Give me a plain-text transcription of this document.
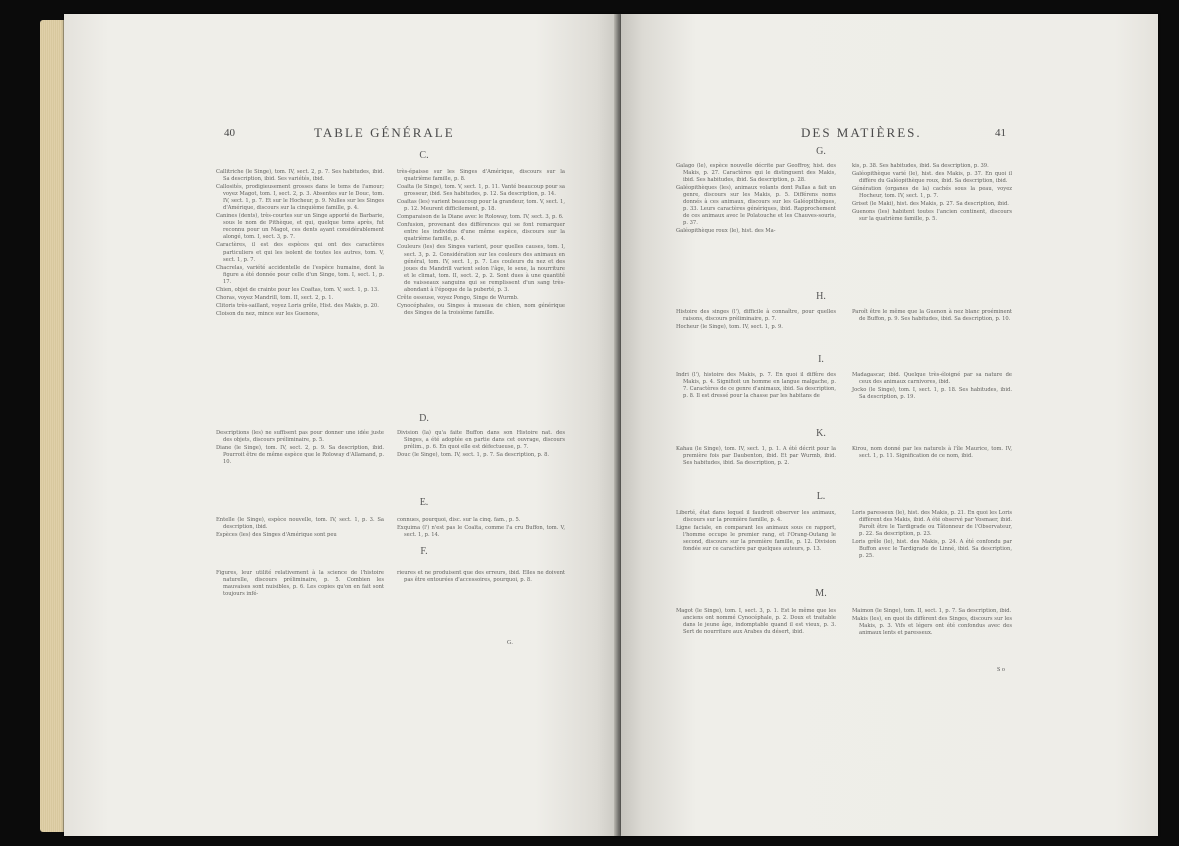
40	TABLE GÉNÉRALE
C.

Callitriche (le Singe), tom. IV, sect. 2, p. 7. Ses habitudes, ibid. Sa description, ibid. Ses variétés, ibid.

Callosités, prodigieusement grosses dans le tems de l'amour; voyez Magot, tom. I, sect. 2, p. 3. Absentes sur le Douc, tom. IV, sect. 1, p. 7. Et sur le Hocheur, p. 9. Nulles sur les Singes d'Amérique, discours sur la cinquième famille, p. 4.

Canines (dents), très-courtes sur un Singe apporté de Barbarie, sous le nom de Pithèque, et qui, quelque tems après, fut reconnu pour un Magot, ces dents ayant considérablement alongé, tom. I, sect. 3, p. 7.

Caractères, il est des espèces qui ont des caractères particuliers et qui les isolent de toutes les autres, tom. V, sect. 1, p. 7.

Chacrelas, variété accidentelle de l'espèce humaine, dont la figure a été donnée pour celle d'un Singe, tom. I, sect. 1, p. 17.

Chien, objet de crainte pour les Coaïtas, tom. V, sect. 1, p. 13.

Choras, voyez Mandrill, tom. II, sect. 2, p. 1.

Clitoris très-saillant, voyez Loris grêle, Hist. des Makis, p. 20.

Cloison du nez, mince sur les Guenons,

très-épaisse sur les Singes d'Amérique, discours sur la quatrième famille, p. 8.

Coaïta (le Singe), tom. V, sect. 1, p. 11. Vanté beaucoup pour sa grosseur, ibid. Ses habitudes, p. 12. Sa description, p. 14.

Coaïtas (les) varient beaucoup pour la grandeur, tom. V, sect. 1, p. 12. Meurent difficilement, p. 18.

Comparaison de la Diane avec le Roloway, tom. IV, sect. 3, p. 6.

Confusion, provenant des différences qui se font remarquer entre les individus d'une même espèce, discours sur la quatrième famille, p. 4.

Couleurs (les) des Singes varient, pour quelles causes, tom. I, sect. 3, p. 2. Considération sur les couleurs des animaux en général, tom. IV, sect. 1, p. 7. Les couleurs du nez et des joues du Mandrill varient selon l'âge, le sexe, la nourriture et le climat, tom. II, sect. 2, p. 2. Sont dues à une quantité de vaisseaux sanguins qui se remplissent d'un sang très-abondant à l'époque de la puberté, p. 3.

Crête osseuse, voyez Pongo, Singe de Wurmb.

Cynocéphales, ou Singes à museau de chien, nom générique des Singes de la troisième famille.

D.

Descriptions (les) ne suffisent pas pour donner une idée juste des objets, discours préliminaire, p. 5.

Diane (le Singe), tom. IV, sect. 2, p. 9. Sa description, ibid. Pourroit être de même espèce que le Roloway d'Allamand, p. 10.

Division (la) qu'a faite Buffon dans son Histoire nat. des Singes, a été adoptée en partie dans cet ouvrage, discours prélim., p. 6. En quoi elle est défectueuse, p. 7.

Douc (le Singe), tom. IV, sect. 1, p. 7. Sa description, p. 8.

E.

Entelle (le Singe), espèce nouvelle, tom. IV, sect. 1, p. 3. Sa description, ibid.

Espèces (les) des Singes d'Amérique sont peu

connues, pourquoi, disc. sur la cinq. fam., p. 5.

Exquima (l') n'est pas le Coaïta, comme l'a cru Buffon, tom. V, sect. 1, p. 14.

F.

Figures, leur utilité relativement à la science de l'histoire naturelle, discours préliminaire, p. 5. Combien les mauvaises sont nuisibles, p. 6. Les copies qu'on en fait sont toujours infé-

rieures et ne produisent que des erreurs, ibid. Elles ne doivent pas être entourées d'accessoires, pourquoi, p. 8.

G.
DES MATIÈRES.	41
G.

Galago (le), espèce nouvelle décrite par Geoffroy, hist. des Makis, p. 27. Caractères qui le distinguent des Makis, ibid. Ses habitudes, ibid. Sa description, p. 28.

Galéopithèques (les), animaux volants dont Pallas a fait un genre, discours sur les Makis, p. 5. Différens noms donnés à ces animaux, discours sur les Galéopithèques, p. 33. Leurs caractères génériques, ibid. Rapprochement de ces animaux avec le Polatouche et les Chauves-souris, p. 37.

Galéopithèque roux (le), hist. des Ma-

kis, p. 38. Ses habitudes, ibid. Sa description, p. 39.

Galéopithèque varié (le), hist. des Makis, p. 37. En quoi il diffère du Galéopithèque roux, ibid. Sa description, ibid.

Génération (organes de la) cachés sous la peau, voyez Hocheur, tom. IV, sect. 1, p. 7.

Griset (le Maki), hist. des Makis, p. 27. Sa description, ibid.

Guenons (les) habitent toutes l'ancien continent, discours sur la quatrième famille, p. 5.

H.

Histoire des singes (l'), difficile à connaître, pour quelles raisons, discours préliminaire, p. 7.

Hocheur (le Singe), tom. IV, sect. 1, p. 9.

Paroît être le même que la Guenon à nez blanc proéminent de Buffon, p. 9. Ses habitudes, ibid. Sa description, p. 10.

I.

Indri (l'), histoire des Makis, p. 7. En quoi il diffère des Makis, p. 4. Signifioit un homme en langue malgache, p. 7. Caractères de ce genre d'animaux, ibid. Sa description, p. 8. Il est dressé pour la chasse par les habitans de

Madagascar, ibid. Quelque très-éloigné par sa nature de ceux des animaux carnivores, ibid.

Jocko (le Singe), tom. I, sect. 1, p. 18. Ses habitudes, ibid. Sa description, p. 19.

K.

Kahau (le Singe), tom. IV, sect. 1, p. 1. A été décrit pour la première fois par Daubenton, ibid. Et par Wurmb, ibid. Ses habitudes, ibid. Sa description, p. 2.

Kirou, nom donné par les naturels à l'île Maurice, tom. IV, sect. 1, p. 11. Signification de ce nom, ibid.

L.

Liberté, état dans lequel il faudroit observer les animaux, discours sur la première famille, p. 4.

Ligne faciale, en comparant les animaux sous ce rapport, l'homme occupe le premier rang, et l'Orang-Outang le second, discours sur la première famille, p. 12. Division fondée sur ce caractère par quelques auteurs, p. 13.

Loris paresseux (le), hist. des Makis, p. 21. En quoi les Loris diffèrent des Makis, ibid. A été observé par Vosmaer, ibid. Paroît être le Tardigrade ou Tâtonneur de l'Observateur, p. 22. Sa description, p. 23.

Loris grêle (le), hist. des Makis, p. 24. A été confondu par Buffon avec le Tardigrade de Linné, ibid. Sa description, p. 25.

M.

Magot (le Singe), tom. I, sect. 3, p. 1. Est le même que les anciens ont nommé Cynocéphale, p. 2. Doux et traitable dans le jeune âge, indomptable quand il est vieux, p. 3. Sert de nourriture aux Arabes du désert, ibid.

Maimon (le Singe), tom. II, sect. 1, p. 7. Sa description, ibid.

Makis (les), en quoi ils diffèrent des Singes, discours sur les Makis, p. 3. Vifs et légers ont été confondus avec des animaux lents et paresseux.

S o
